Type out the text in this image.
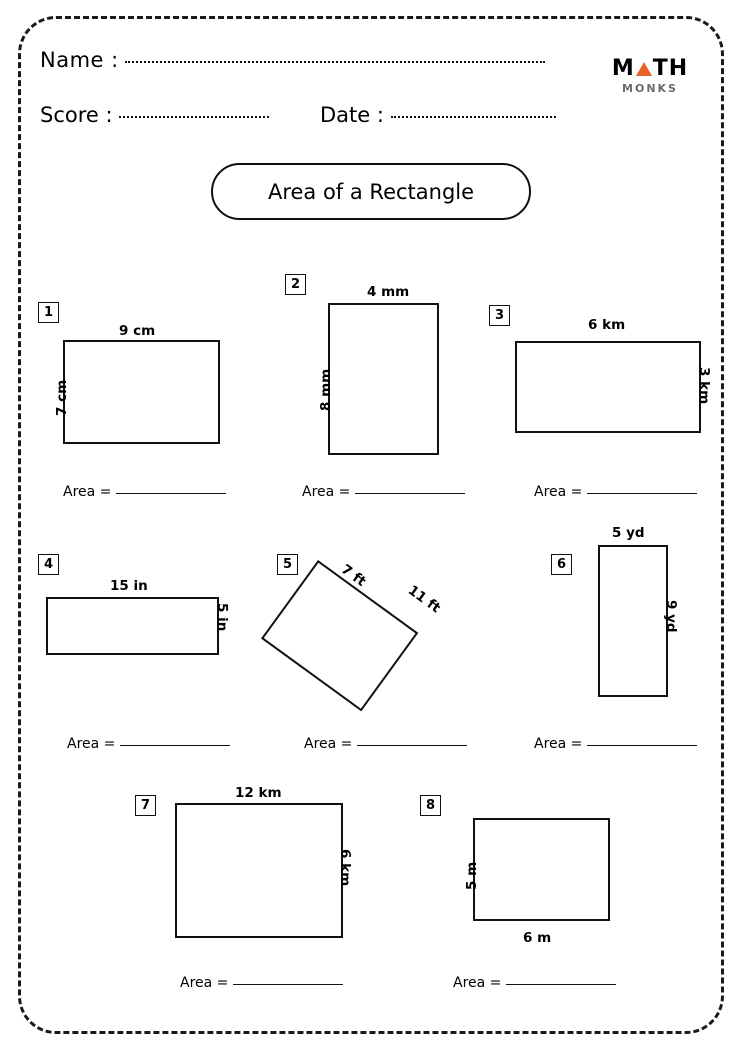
Name :
Score :	Date :
M TH
MONKS
Area of a Rectangle
1
9 cm
7 cm
Area =
2	4 mm
8 mm
Area =
3
6 km
3 km
Area =
4
15 in
5 in
Area =
5	7 ft
11 ft
Area =
6
5 yd
9 yd
Area =
7
12 km
6 km
Area =
8
6 m
5 m
Area =
